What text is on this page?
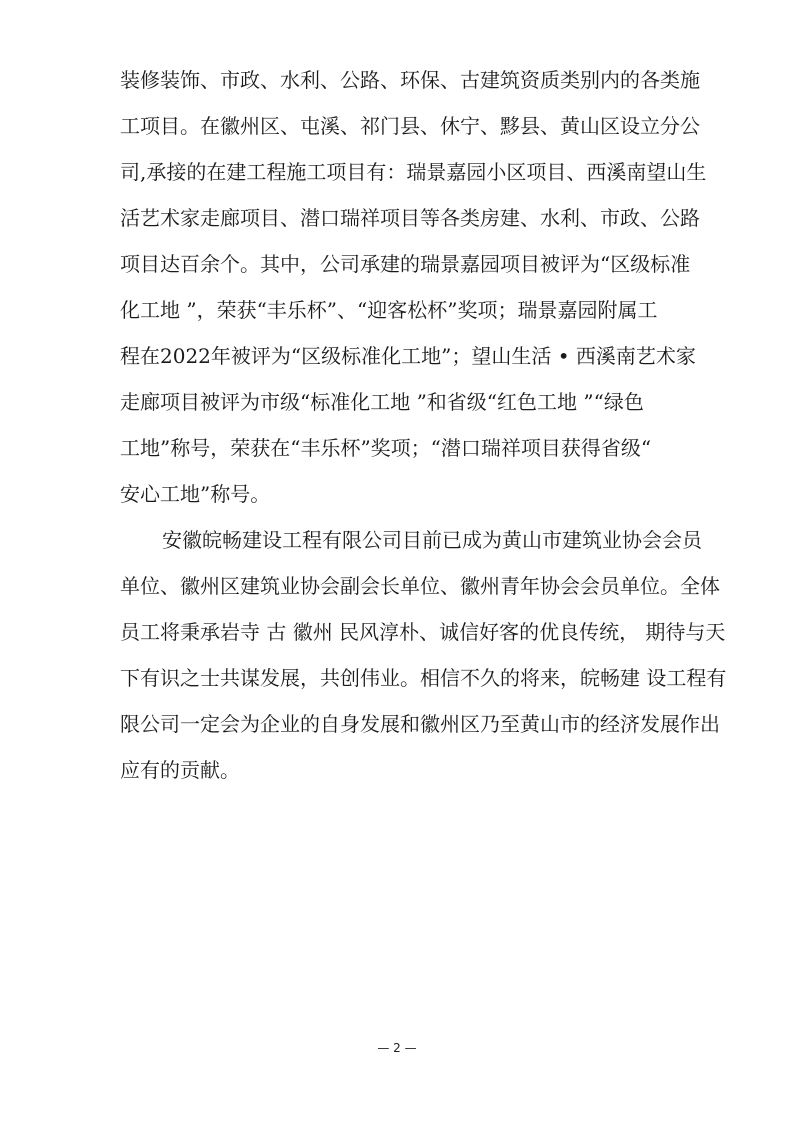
装修装饰、市政、水利、公路、环保、古建筑资质类别内的各类施

工项目。在徽州区、屯溪、祁门县、休宁、黟县、黄山区设立分公

司,承接的在建工程施工项目有：瑞景嘉园小区项目、西溪南望山生

活艺术家走廊项目、潜口瑞祥项目等各类房建、水利、市政、公路

项目达百余个。其中，公司承建的瑞景嘉园项目被评为“区级标准

化工地 ”，荣获“丰乐杯”、“迎客松杯”奖项；瑞景嘉园附属工

程在2022年被评为“区级标准化工地”；望山生活 • 西溪南艺术家

走廊项目被评为市级“标准化工地 ”和省级“红色工地 ”“绿色

工地”称号，荣获在“丰乐杯”奖项；“潜口瑞祥项目获得省级“

安心工地”称号。

安徽皖畅建设工程有限公司目前已成为黄山市建筑业协会会员

单位、徽州区建筑业协会副会长单位、徽州青年协会会员单位。全体

员工将秉承岩寺 古 徽州 民风淳朴、诚信好客的优良传统， 期待与天

下有识之士共谋发展，共创伟业。相信不久的将来，皖畅建 设工程有

限公司一定会为企业的自身发展和徽州区乃至黄山市的经济发展作出

应有的贡献。

— 2 —
